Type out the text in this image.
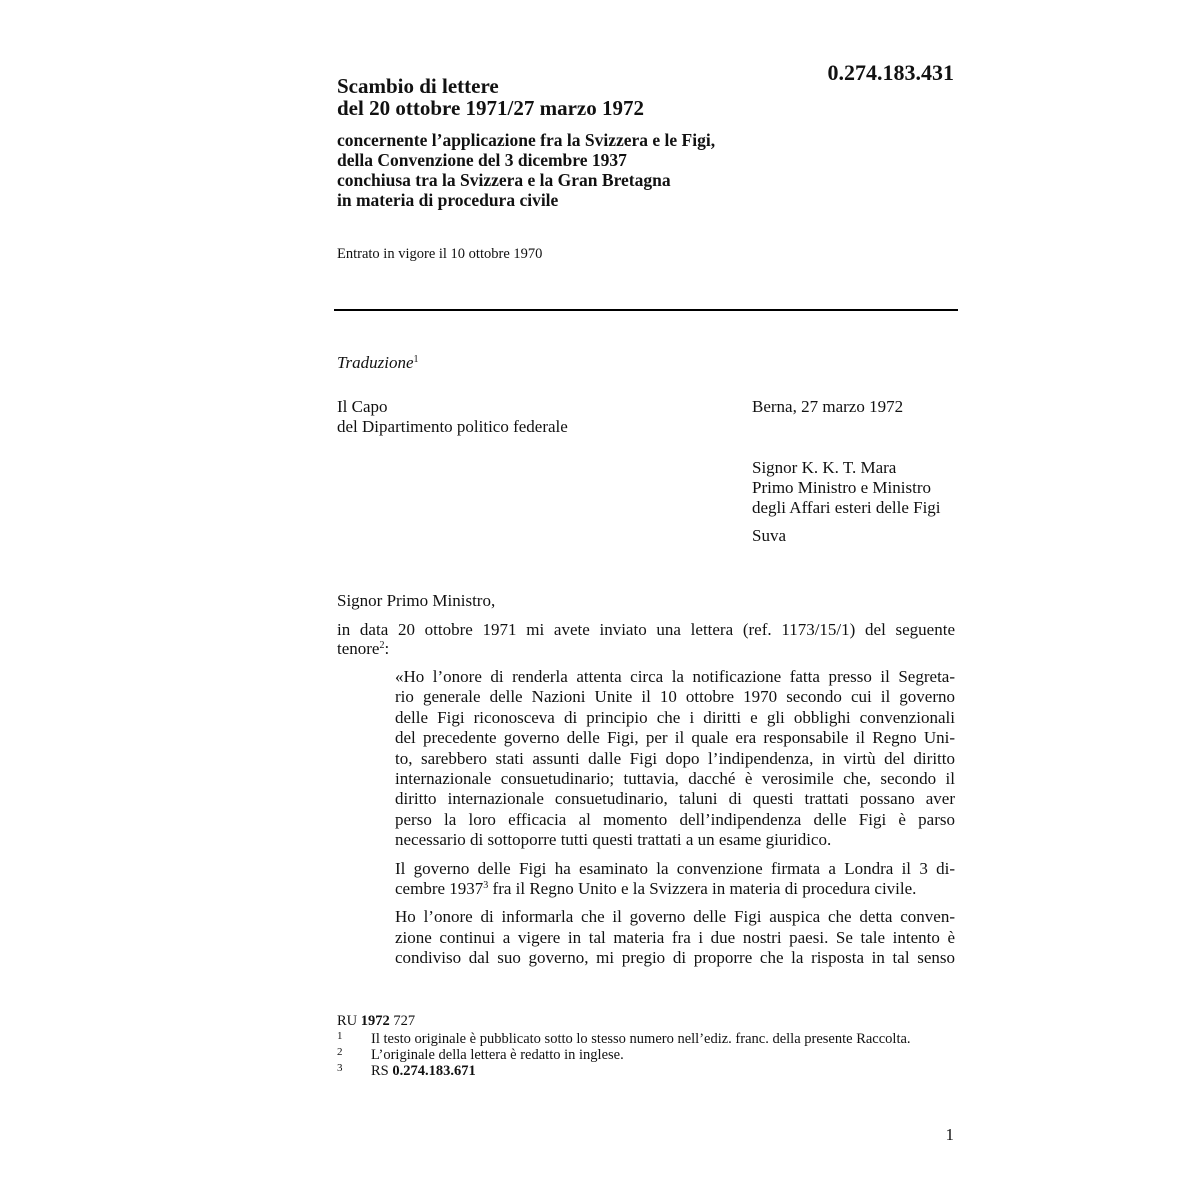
0.274.183.431
Scambio di lettere
del 20 ottobre 1971/27 marzo 1972
concernente l’applicazione fra la Svizzera e le Figi,
della Convenzione del 3 dicembre 1937
conchiusa tra la Svizzera e la Gran Bretagna
in materia di procedura civile
Entrato in vigore il 10 ottobre 1970
Traduzione$^1$
Il Capo
del Dipartimento politico federale
Berna, 27 marzo 1972
Signor K. K. T. Mara
Primo Ministro e Ministro
degli Affari esteri delle Figi
Suva
Signor Primo Ministro,
in data 20 ottobre 1971 mi avete inviato una lettera (ref. 1173/15/1) del seguente
tenore$^2$:
«Ho l’onore di renderla attenta circa la notificazione fatta presso il Segreta-
rio generale delle Nazioni Unite il 10 ottobre 1970 secondo cui il governo
delle Figi riconosceva di principio che i diritti e gli obblighi convenzionali
del precedente governo delle Figi, per il quale era responsabile il Regno Uni-
to, sarebbero stati assunti dalle Figi dopo l’indipendenza, in virtù del diritto
internazionale consuetudinario; tuttavia, dacché è verosimile che, secondo il
diritto internazionale consuetudinario, taluni di questi trattati possano aver
perso la loro efficacia al momento dell’indipendenza delle Figi è parso
necessario di sottoporre tutti questi trattati a un esame giuridico.
Il governo delle Figi ha esaminato la convenzione firmata a Londra il 3 di-
cembre 1937$^3$ fra il Regno Unito e la Svizzera in materia di procedura civile.
Ho l’onore di informarla che il governo delle Figi auspica che detta conven-
zione continui a vigere in tal materia fra i due nostri paesi. Se tale intento è
condiviso dal suo governo, mi pregio di proporre che la risposta in tal senso
RU 1972 727
1 Il testo originale è pubblicato sotto lo stesso numero nell’ediz. franc. della presente Raccolta.
2 L’originale della lettera è redatto in inglese.
3 RS 0.274.183.671
1
